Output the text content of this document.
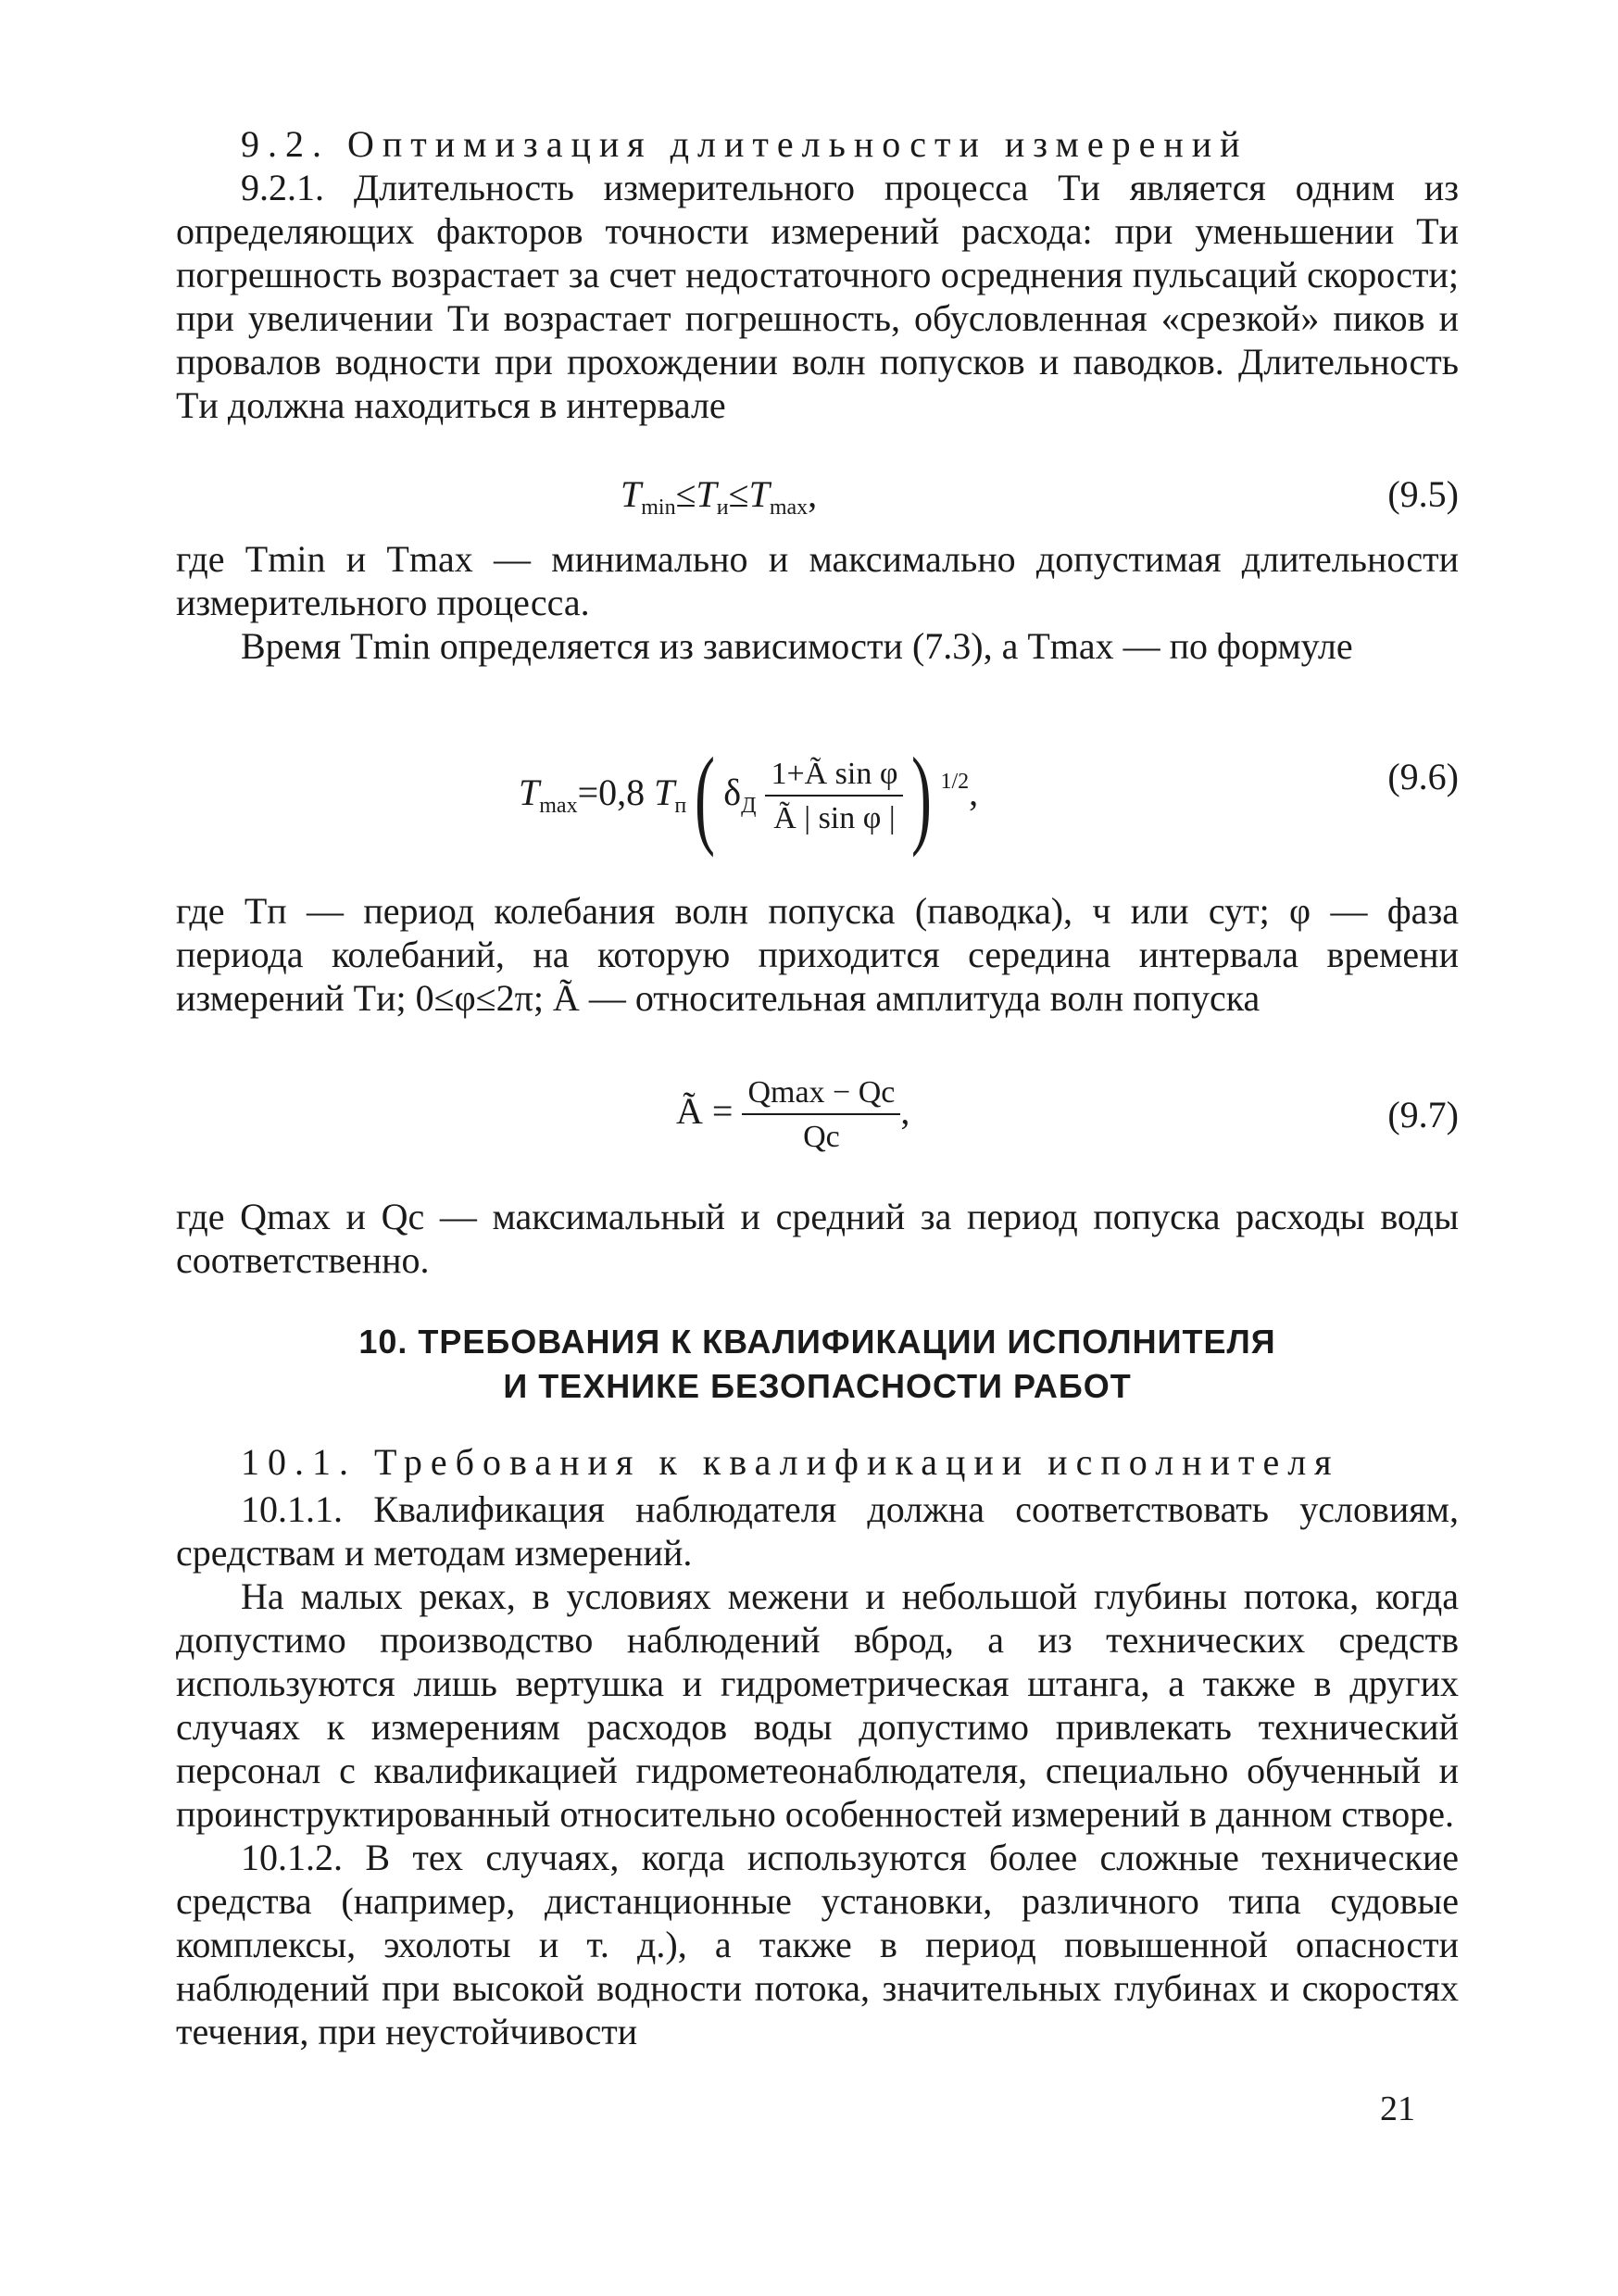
9.2. Оптимизация длительности измерений

9.2.1. Длительность измерительного процесса Tи является одним из определяющих факторов точности измерений расхода: при уменьшении Tи погрешность возрастает за счет недостаточного осреднения пульсаций скорости; при увеличении Tи возрастает погрешность, обусловленная «срезкой» пиков и провалов водности при прохождении волн попусков и паводков. Длительность Tи должна находиться в интервале

$T_{min}\le T_и\le T_{max}$,	(9.5)

где Tmin и Tmax — минимально и максимально допустимая длительности измерительного процесса.

Время Tmin определяется из зависимости (7.3), а Tmax — по формуле

$T_{max}=0,8$ $T_п$( $\delta_Д \frac{\text{1+Ã sin φ}}{\text{Ã | sin φ |}}$ ) $^{1/2}$,	(9.6)

где Tп — период колебания волн попуска (паводка), ч или сут; φ — фаза периода колебаний, на которую приходится середина интервала времени измерений Tи; 0≤φ≤2π; Ã — относительная амплитуда волн попуска

Ã = $\frac{Qmax - Qc}{Qc}$ ,	(9.7)

где Qmax и Qc — максимальный и средний за период попуска расходы воды соответственно.

10. ТРЕБОВАНИЯ К КВАЛИФИКАЦИИ ИСПОЛНИТЕЛЯ
И ТЕХНИКЕ БЕЗОПАСНОСТИ РАБОТ

10.1. Требования к квалификации исполнителя

10.1.1. Квалификация наблюдателя должна соответствовать условиям, средствам и методам измерений.

На малых реках, в условиях межени и небольшой глубины потока, когда допустимо производство наблюдений вброд, а из технических средств используются лишь вертушка и гидрометрическая штанга, а также в других случаях к измерениям расходов воды допустимо привлекать технический персонал с квалификацией гидрометеонаблюдателя, специально обученный и проинструктированный относительно особенностей измерений в данном створе.

10.1.2. В тех случаях, когда используются более сложные технические средства (например, дистанционные установки, различного типа судовые комплексы, эхолоты и т. д.), а также в период повышенной опасности наблюдений при высокой водности потока, значительных глубинах и скоростях течения, при неустойчивости

21
